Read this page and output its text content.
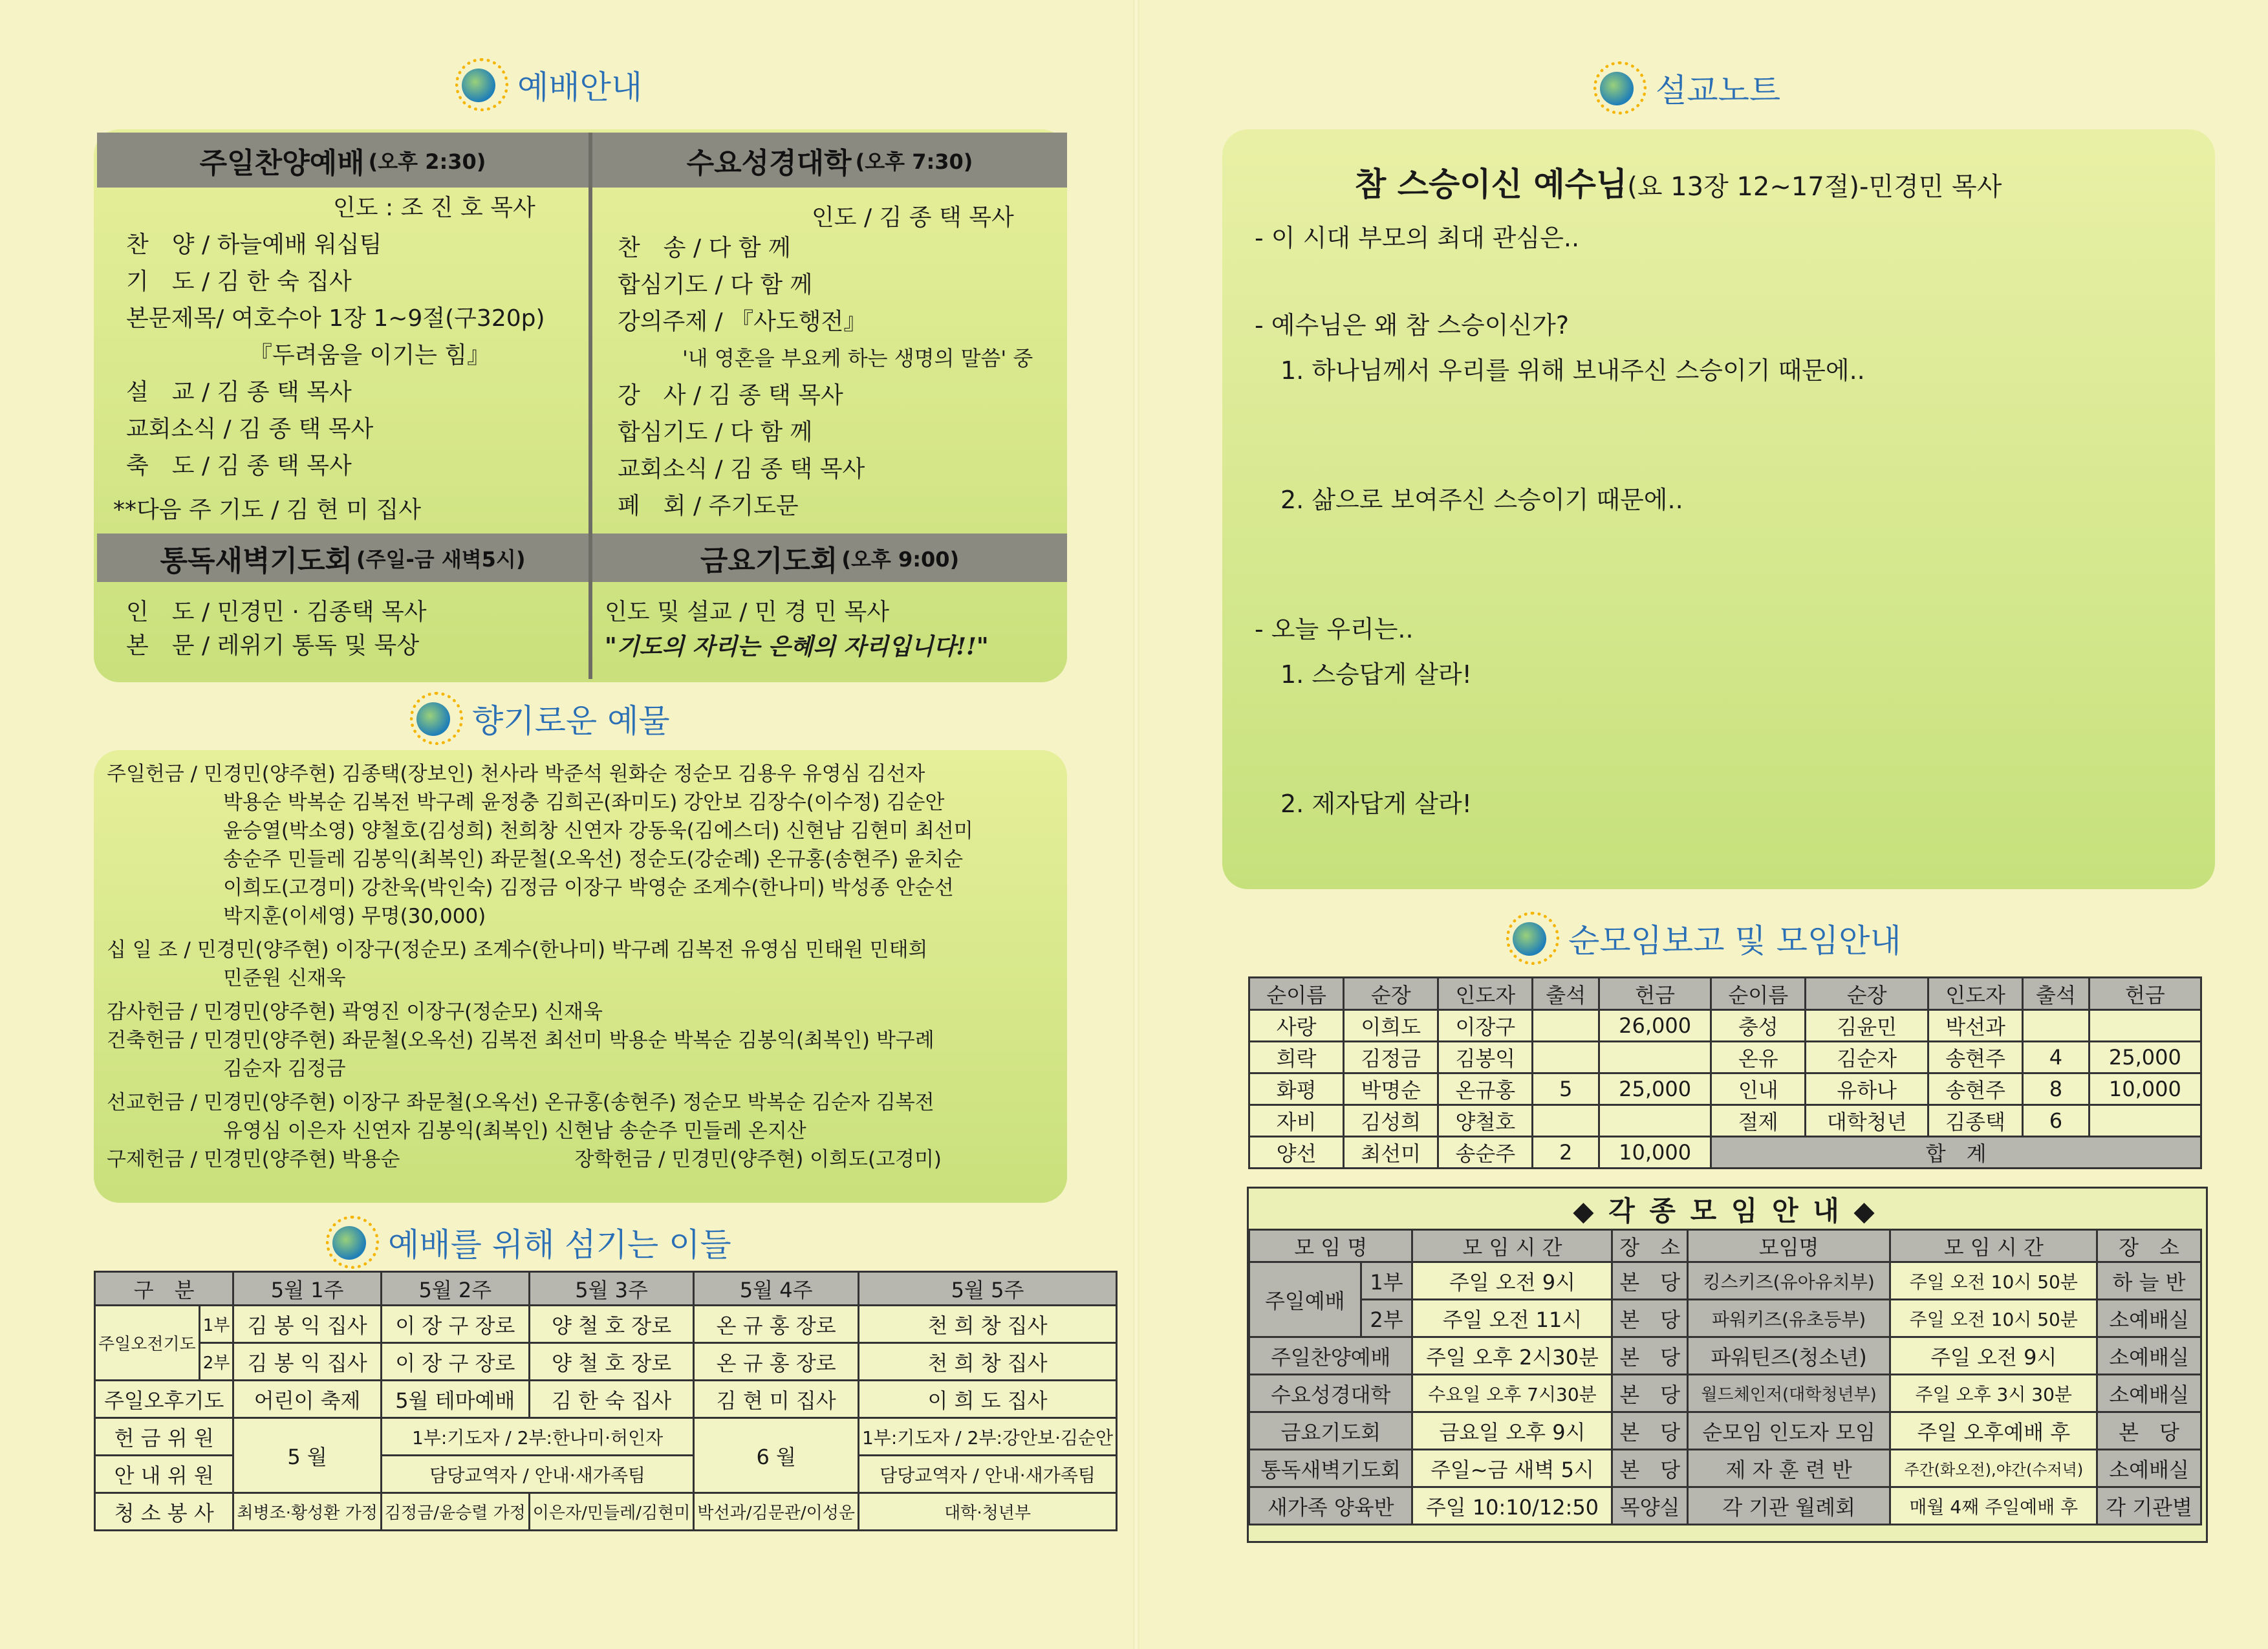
예배안내
주일찬양예배 (오후 2:30)	수요성경대학 (오후 7:30)
인도 : 조 진 호 목사
찬　양 / 하늘예배 워십팀
기　도 / 김 한 숙 집사
본문제목/ 여호수아 1장 1~9절(구320p)
『두려움을 이기는 힘』
설　교 / 김 종 택 목사
교회소식 / 김 종 택 목사
축　도 / 김 종 택 목사
**다음 주 기도 / 김 현 미 집사
인도 / 김 종 택 목사
찬　송 / 다 함 께
합심기도 / 다 함 께
강의주제 / 『사도행전』
'내 영혼을 부요케 하는 생명의 말씀' 중
강　사 / 김 종 택 목사
합심기도 / 다 함 께
교회소식 / 김 종 택 목사
폐　회 / 주기도문
통독새벽기도회 (주일-금 새벽5시)	금요기도회 (오후 9:00)
인　도 / 민경민 · 김종택 목사
본　문 / 레위기 통독 및 묵상
인도 및 설교 / 민 경 민 목사
"기도의 자리는 은혜의 자리입니다!!"
향기로운 예물
주일헌금 / 민경민(양주현) 김종택(장보인) 천사라 박준석 원화순 정순모 김용우 유영심 김선자
박용순 박복순 김복전 박구례 윤정충 김희곤(좌미도) 강안보 김장수(이수정) 김순안
윤승열(박소영) 양철호(김성희) 천희창 신연자 강동욱(김에스더) 신현남 김현미 최선미
송순주 민들레 김봉익(최복인) 좌문철(오옥선) 정순도(강순례) 온규홍(송현주) 윤치순
이희도(고경미) 강찬욱(박인숙) 김정금 이장구 박영순 조계수(한나미) 박성종 안순선
박지훈(이세영) 무명(30,000)
십 일 조 / 민경민(양주현) 이장구(정순모) 조계수(한나미) 박구례 김복전 유영심 민태원 민태희
민준원 신재욱
감사헌금 / 민경민(양주현) 곽영진 이장구(정순모) 신재욱
건축헌금 / 민경민(양주현) 좌문철(오옥선) 김복전 최선미 박용순 박복순 김봉익(최복인) 박구례
김순자 김정금
선교헌금 / 민경민(양주현) 이장구 좌문철(오옥선) 온규홍(송현주) 정순모 박복순 김순자 김복전
유영심 이은자 신연자 김봉익(최복인) 신현남 송순주 민들레 온지산
구제헌금 / 민경민(양주현) 박용순	장학헌금 / 민경민(양주현) 이희도(고경미)
예배를 위해 섬기는 이들
구　분		5월 1주	5월 2주	5월 3주	5월 4주	5월 5주
주일오전기도	1부	김 봉 익 집사	이 장 구 장로	양 철 호 장로	온 규 홍 장로	천 희 창 집사
	2부	김 봉 익 집사	이 장 구 장로	양 철 호 장로	온 규 홍 장로	천 희 창 집사
주일오후기도		어린이 축제	5월 테마예배	김 한 숙 집사	김 현 미 집사	이 희 도 집사
헌 금 위 원		5 월	1부:기도자 / 2부:한나미·허인자		6 월	1부:기도자 / 2부:강안보·김순안
안 내 위 원			담당교역자 / 안내·새가족팀			담당교역자 / 안내·새가족팀
청 소 봉 사		최병조·황성환 가정	김정금/윤승렬 가정	이은자/민들레/김현미	박선과/김문관/이성운	대학·청년부
설교노트
참 스승이신 예수님(요 13장 12~17절)-민경민 목사
- 이 시대 부모의 최대 관심은..
- 예수님은 왜 참 스승이신가?
1. 하나님께서 우리를 위해 보내주신 스승이기 때문에..
2. 삶으로 보여주신 스승이기 때문에..
- 오늘 우리는..
1. 스승답게 살라!
2. 제자답게 살라!
순모임보고 및 모임안내
순이름	순장	인도자	출석	헌금	순이름	순장	인도자	출석	헌금
사랑	이희도	이장구		26,000	충성	김윤민	박선과		
희락	김정금	김봉익			온유	김순자	송현주	4	25,000
화평	박명순	온규홍	5	25,000	인내	유하나	송현주	8	10,000
자비	김성희	양철호			절제	대학청년	김종택	6	
양선	최선미	송순주	2	10,000	합　계				
◆ 각 종 모 임 안 내 ◆
모 임 명		모 임 시 간	장　소	모임명	모 임 시 간	장　소
주일예배	1부	주일 오전 9시	본　당	킹스키즈(유아유치부)	주일 오전 10시 50분	하 늘 반
	2부	주일 오전 11시	본　당	파워키즈(유초등부)	주일 오전 10시 50분	소예배실
주일찬양예배		주일 오후 2시30분	본　당	파워틴즈(청소년)	주일 오전 9시	소예배실
수요성경대학		수요일 오후 7시30분	본　당	월드체인저(대학청년부)	주일 오후 3시 30분	소예배실
금요기도회		금요일 오후 9시	본　당	순모임 인도자 모임	주일 오후예배 후	본　당
통독새벽기도회		주일~금 새벽 5시	본　당	제 자 훈 련 반	주간(화오전),야간(수저녁)	소예배실
새가족 양육반		주일 10:10/12:50	목양실	각 기관 월례회	매월 4째 주일예배 후	각 기관별
